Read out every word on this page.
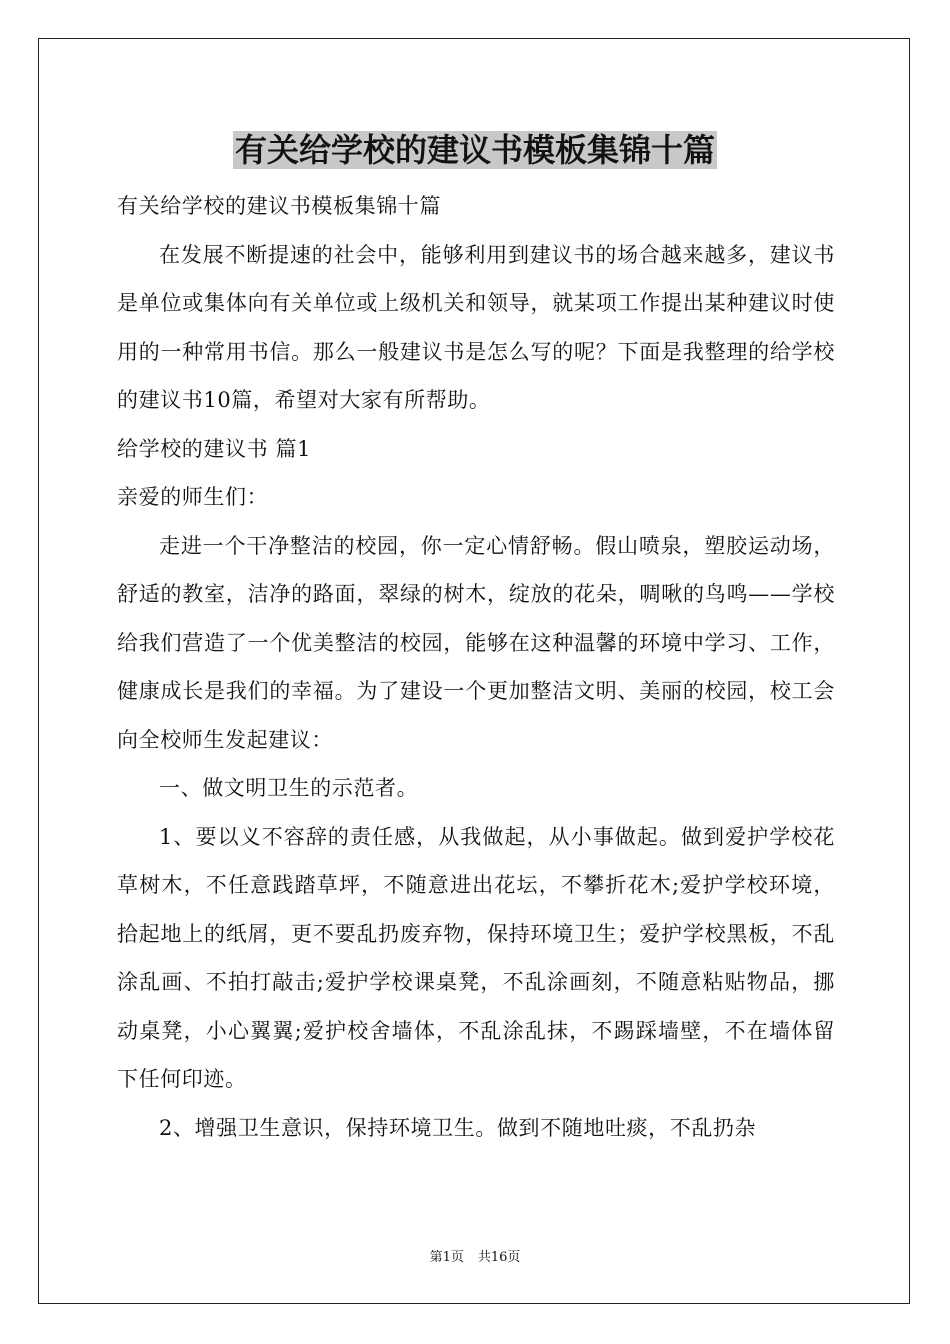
有关给学校的建议书模板集锦十篇

有关给学校的建议书模板集锦十篇

在发展不断提速的社会中，能够利用到建议书的场合越来越多，建议书是单位或集体向有关单位或上级机关和领导，就某项工作提出某种建议时使用的一种常用书信。那么一般建议书是怎么写的呢？下面是我整理的给学校的建议书10篇，希望对大家有所帮助。

给学校的建议书 篇1

亲爱的师生们：

走进一个干净整洁的校园，你一定心情舒畅。假山喷泉，塑胶运动场，舒适的教室，洁净的路面，翠绿的树木，绽放的花朵，啁啾的鸟鸣——学校给我们营造了一个优美整洁的校园，能够在这种温馨的环境中学习、工作，健康成长是我们的幸福。为了建设一个更加整洁文明、美丽的校园，校工会向全校师生发起建议：

一、做文明卫生的示范者。

1、要以义不容辞的责任感，从我做起，从小事做起。做到爱护学校花草树木，不任意践踏草坪，不随意进出花坛，不攀折花木;爱护学校环境，拾起地上的纸屑，更不要乱扔废弃物，保持环境卫生；爱护学校黑板，不乱涂乱画、不拍打敲击;爱护学校课桌凳，不乱涂画刻，不随意粘贴物品，挪动桌凳，小心翼翼;爱护校舍墙体，不乱涂乱抹，不踢踩墙壁，不在墙体留下任何印迹。

2、增强卫生意识，保持环境卫生。做到不随地吐痰，不乱扔杂

第1页 共16页
